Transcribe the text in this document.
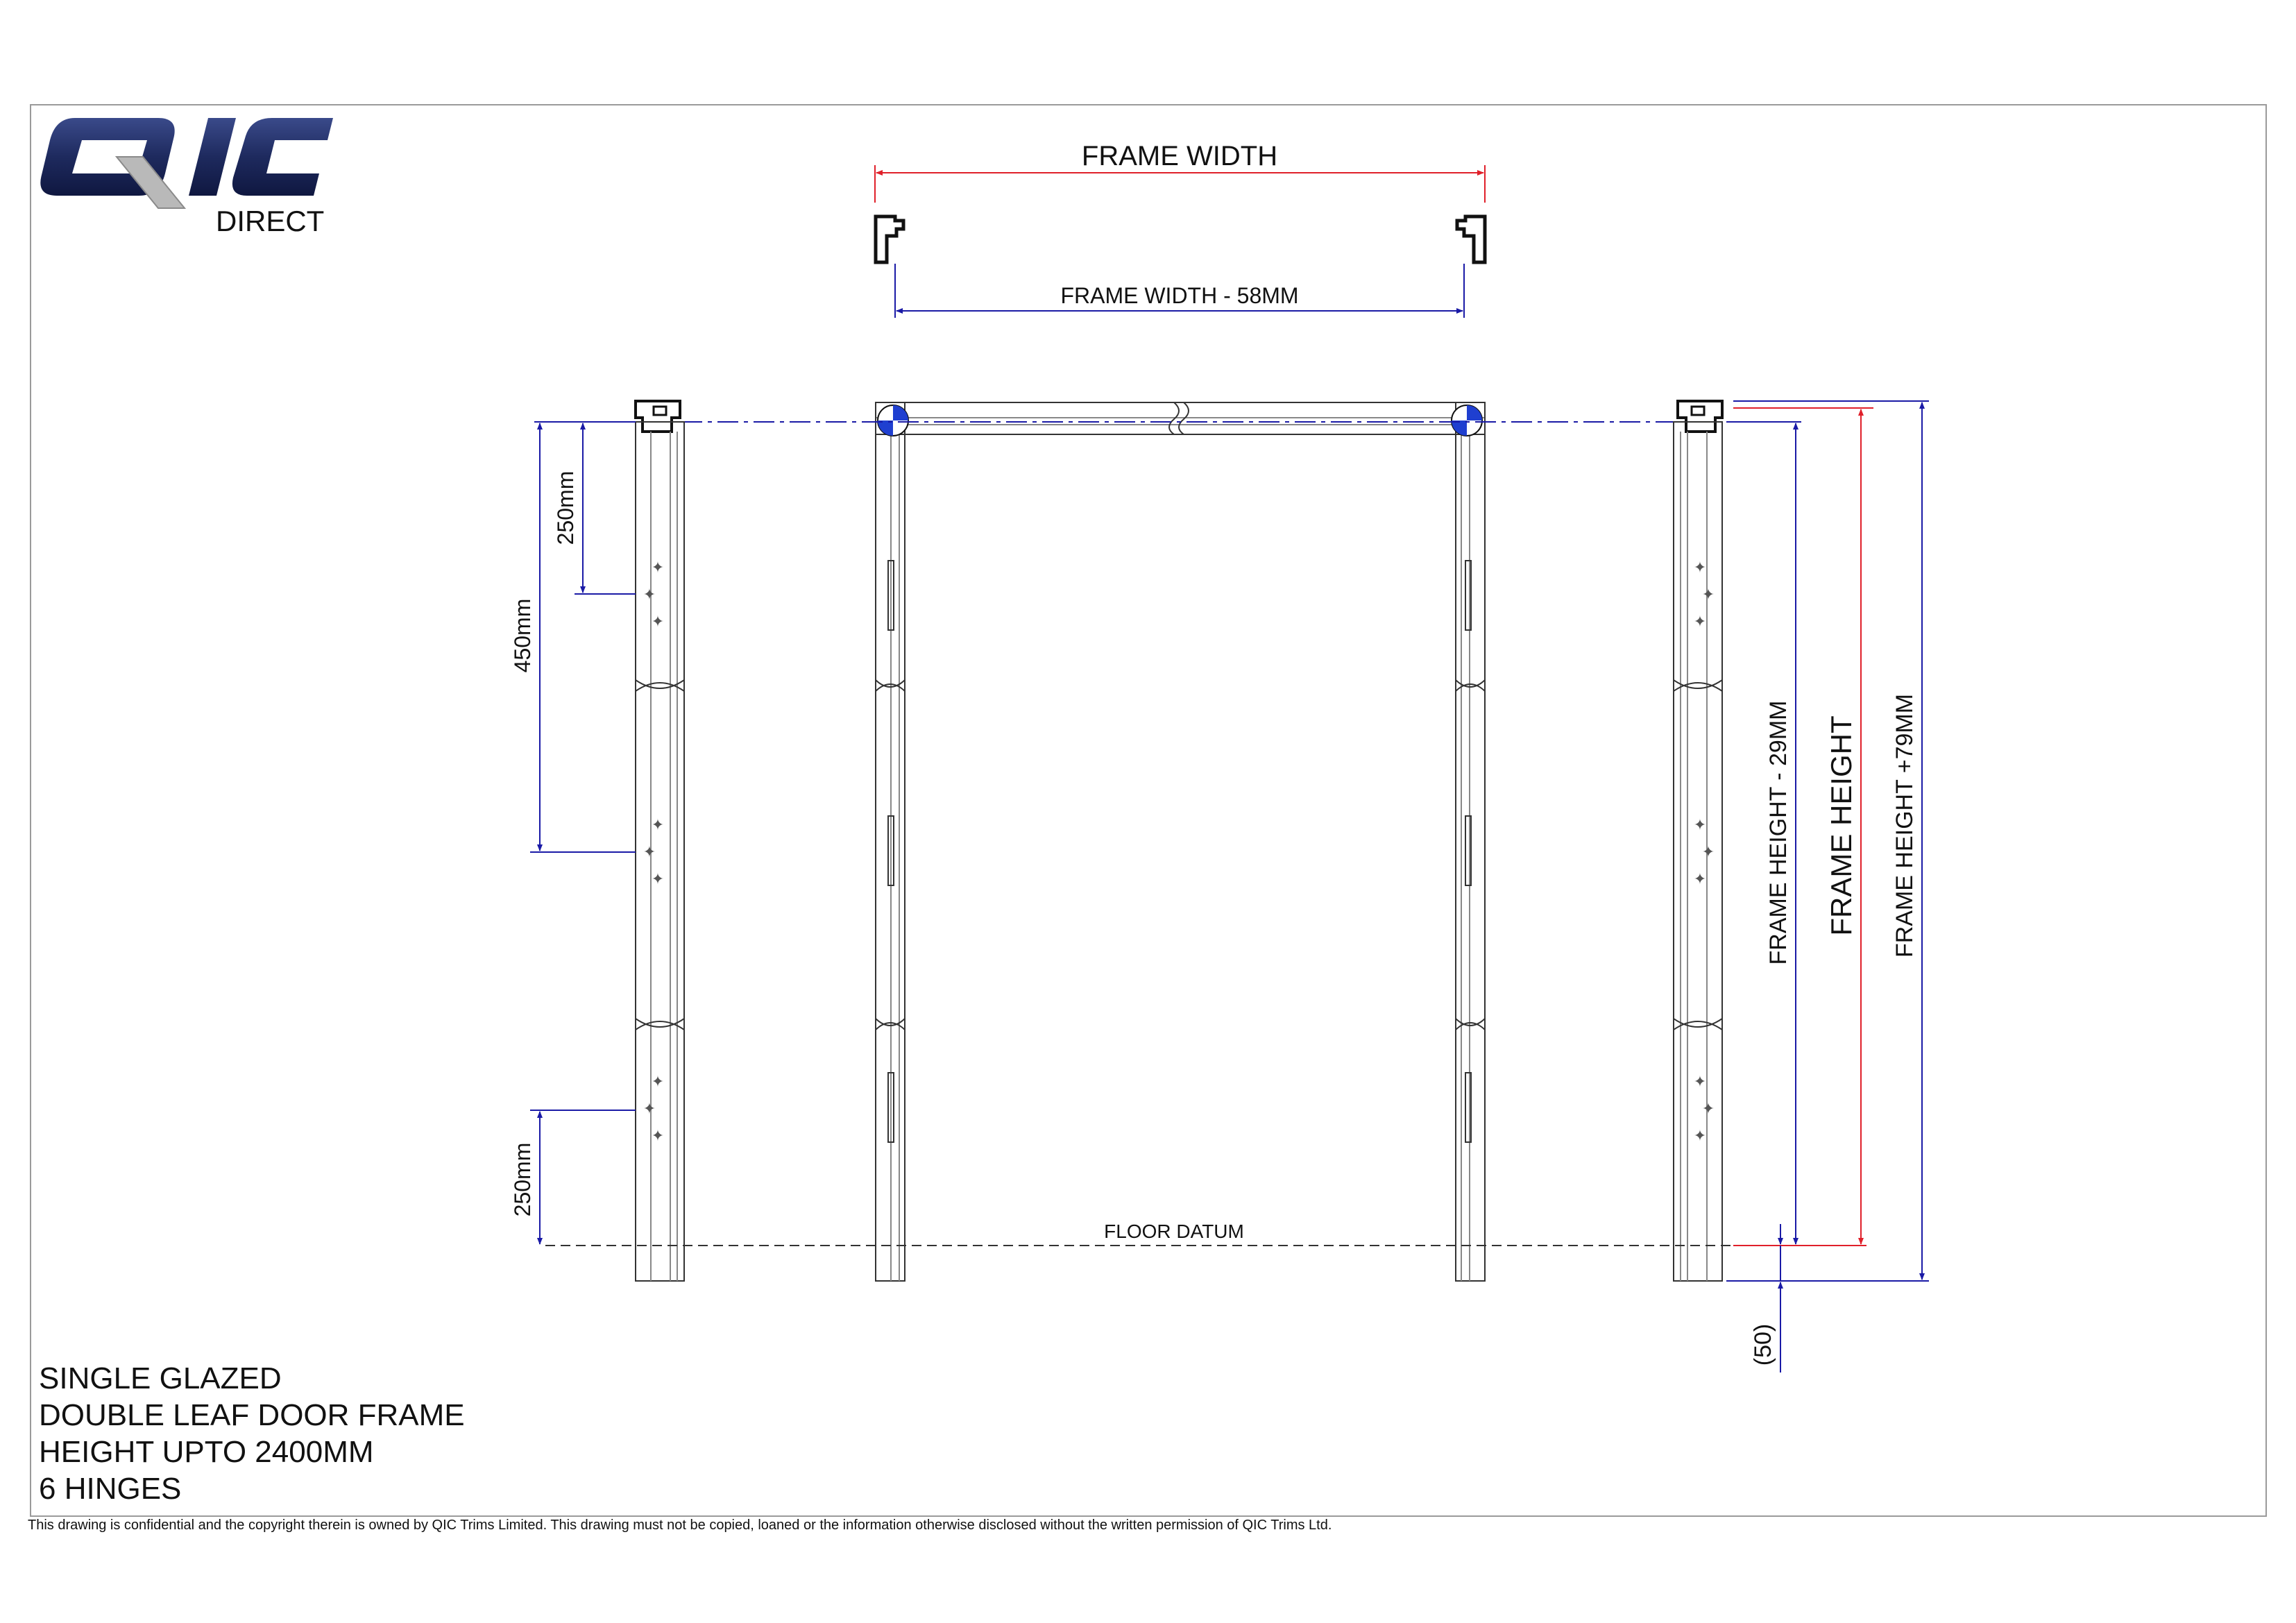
DIRECT
FRAME WIDTH
FRAME WIDTH - 58MM
✦
✦
✦
✦
✦
✦
✦
✦
✦
✦
✦
✦
✦
✦
✦
✦
✦
✦
FLOOR DATUM
250mm
450mm
250mm
FRAME HEIGHT - 29MM FRAME HEIGHT FRAME HEIGHT +79MM
(50)
SINGLE GLAZED
DOUBLE LEAF DOOR FRAME
HEIGHT UPTO 2400MM
6 HINGES
This drawing is confidential and the copyright therein is owned by QIC Trims Limited. This drawing must not be copied, loaned or the information otherwise disclosed without the written permission of QIC Trims Ltd.
